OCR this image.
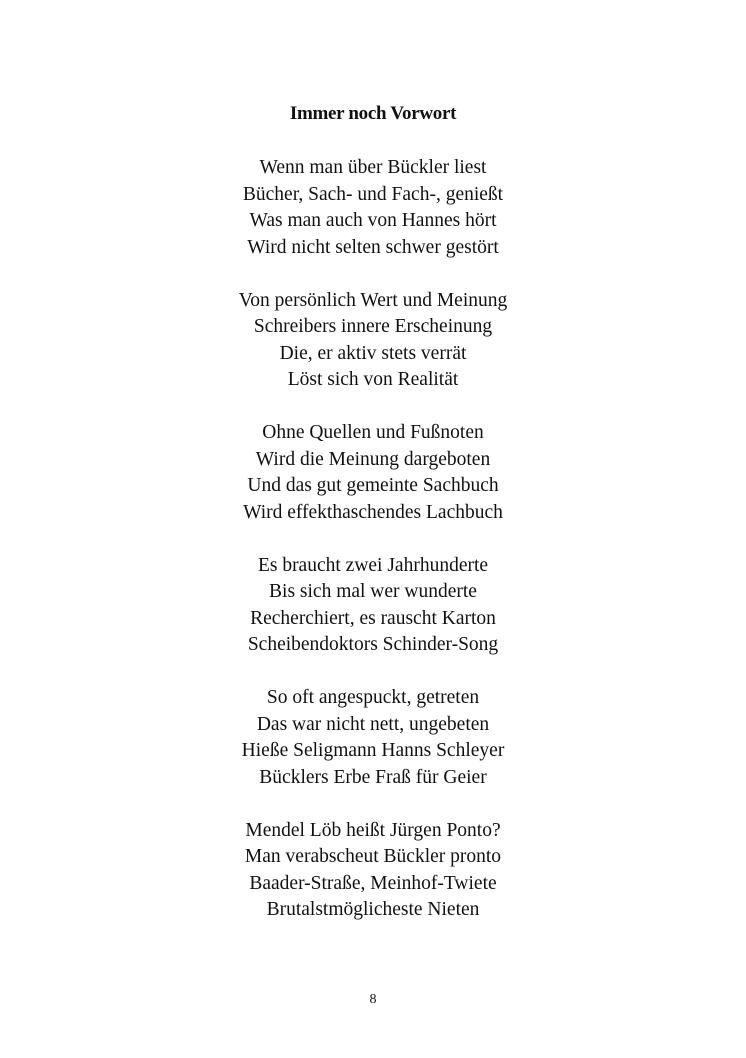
Immer noch Vorwort
Wenn man über Bückler liest
Bücher, Sach- und Fach-, genießt
Was man auch von Hannes hört
Wird nicht selten schwer gestört
Von persönlich Wert und Meinung
Schreibers innere Erscheinung
Die, er aktiv stets verrät
Löst sich von Realität
Ohne Quellen und Fußnoten
Wird die Meinung dargeboten
Und das gut gemeinte Sachbuch
Wird effekthaschendes Lachbuch
Es braucht zwei Jahrhunderte
Bis sich mal wer wunderte
Recherchiert, es rauscht Karton
Scheibendoktors Schinder-Song
So oft angespuckt, getreten
Das war nicht nett, ungebeten
Hieße Seligmann Hanns Schleyer
Bücklers Erbe Fraß für Geier
Mendel Löb heißt Jürgen Ponto?
Man verabscheut Bückler pronto
Baader-Straße, Meinhof-Twiete
Brutalstmöglicheste Nieten
8
